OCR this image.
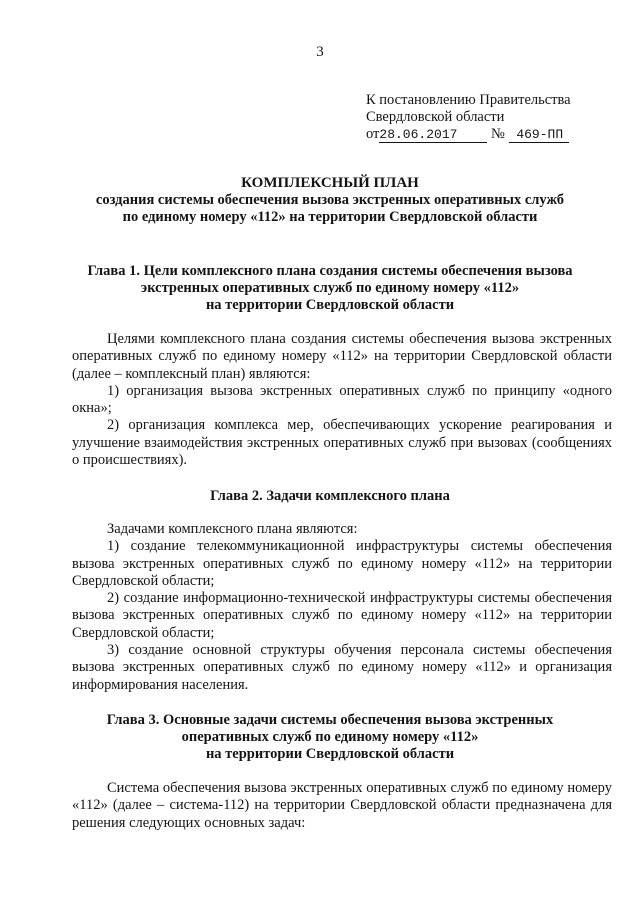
3
К постановлению Правительства
Свердловской области
от28.06.2017 № 469-ПП
КОМПЛЕКСНЫЙ ПЛАН
создания системы обеспечения вызова экстренных оперативных служб
по единому номеру «112» на территории Свердловской области
Глава 1. Цели комплексного плана создания системы обеспечения вызова
экстренных оперативных служб по единому номеру «112»
на территории Свердловской области

Целями комплексного плана создания системы обеспечения вызова экстренных оперативных служб по единому номеру «112» на территории Свердловской области (далее – комплексный план) являются:

1) организация вызова экстренных оперативных служб по принципу «одного окна»;

2) организация комплекса мер, обеспечивающих ускорение реагирования и улучшение взаимодействия экстренных оперативных служб при вызовах (сообщениях о происшествиях).

Глава 2. Задачи комплексного плана

Задачами комплексного плана являются:

1) создание телекоммуникационной инфраструктуры системы обеспечения вызова экстренных оперативных служб по единому номеру «112» на территории Свердловской области;

2) создание информационно-технической инфраструктуры системы обеспечения вызова экстренных оперативных служб по единому номеру «112» на территории Свердловской области;

3) создание основной структуры обучения персонала системы обеспечения вызова экстренных оперативных служб по единому номеру «112» и организация информирования населения.

Глава 3. Основные задачи системы обеспечения вызова экстренных
оперативных служб по единому номеру «112»
на территории Свердловской области

Система обеспечения вызова экстренных оперативных служб по единому номеру «112» (далее – система-112) на территории Свердловской области предназначена для решения следующих основных задач:
